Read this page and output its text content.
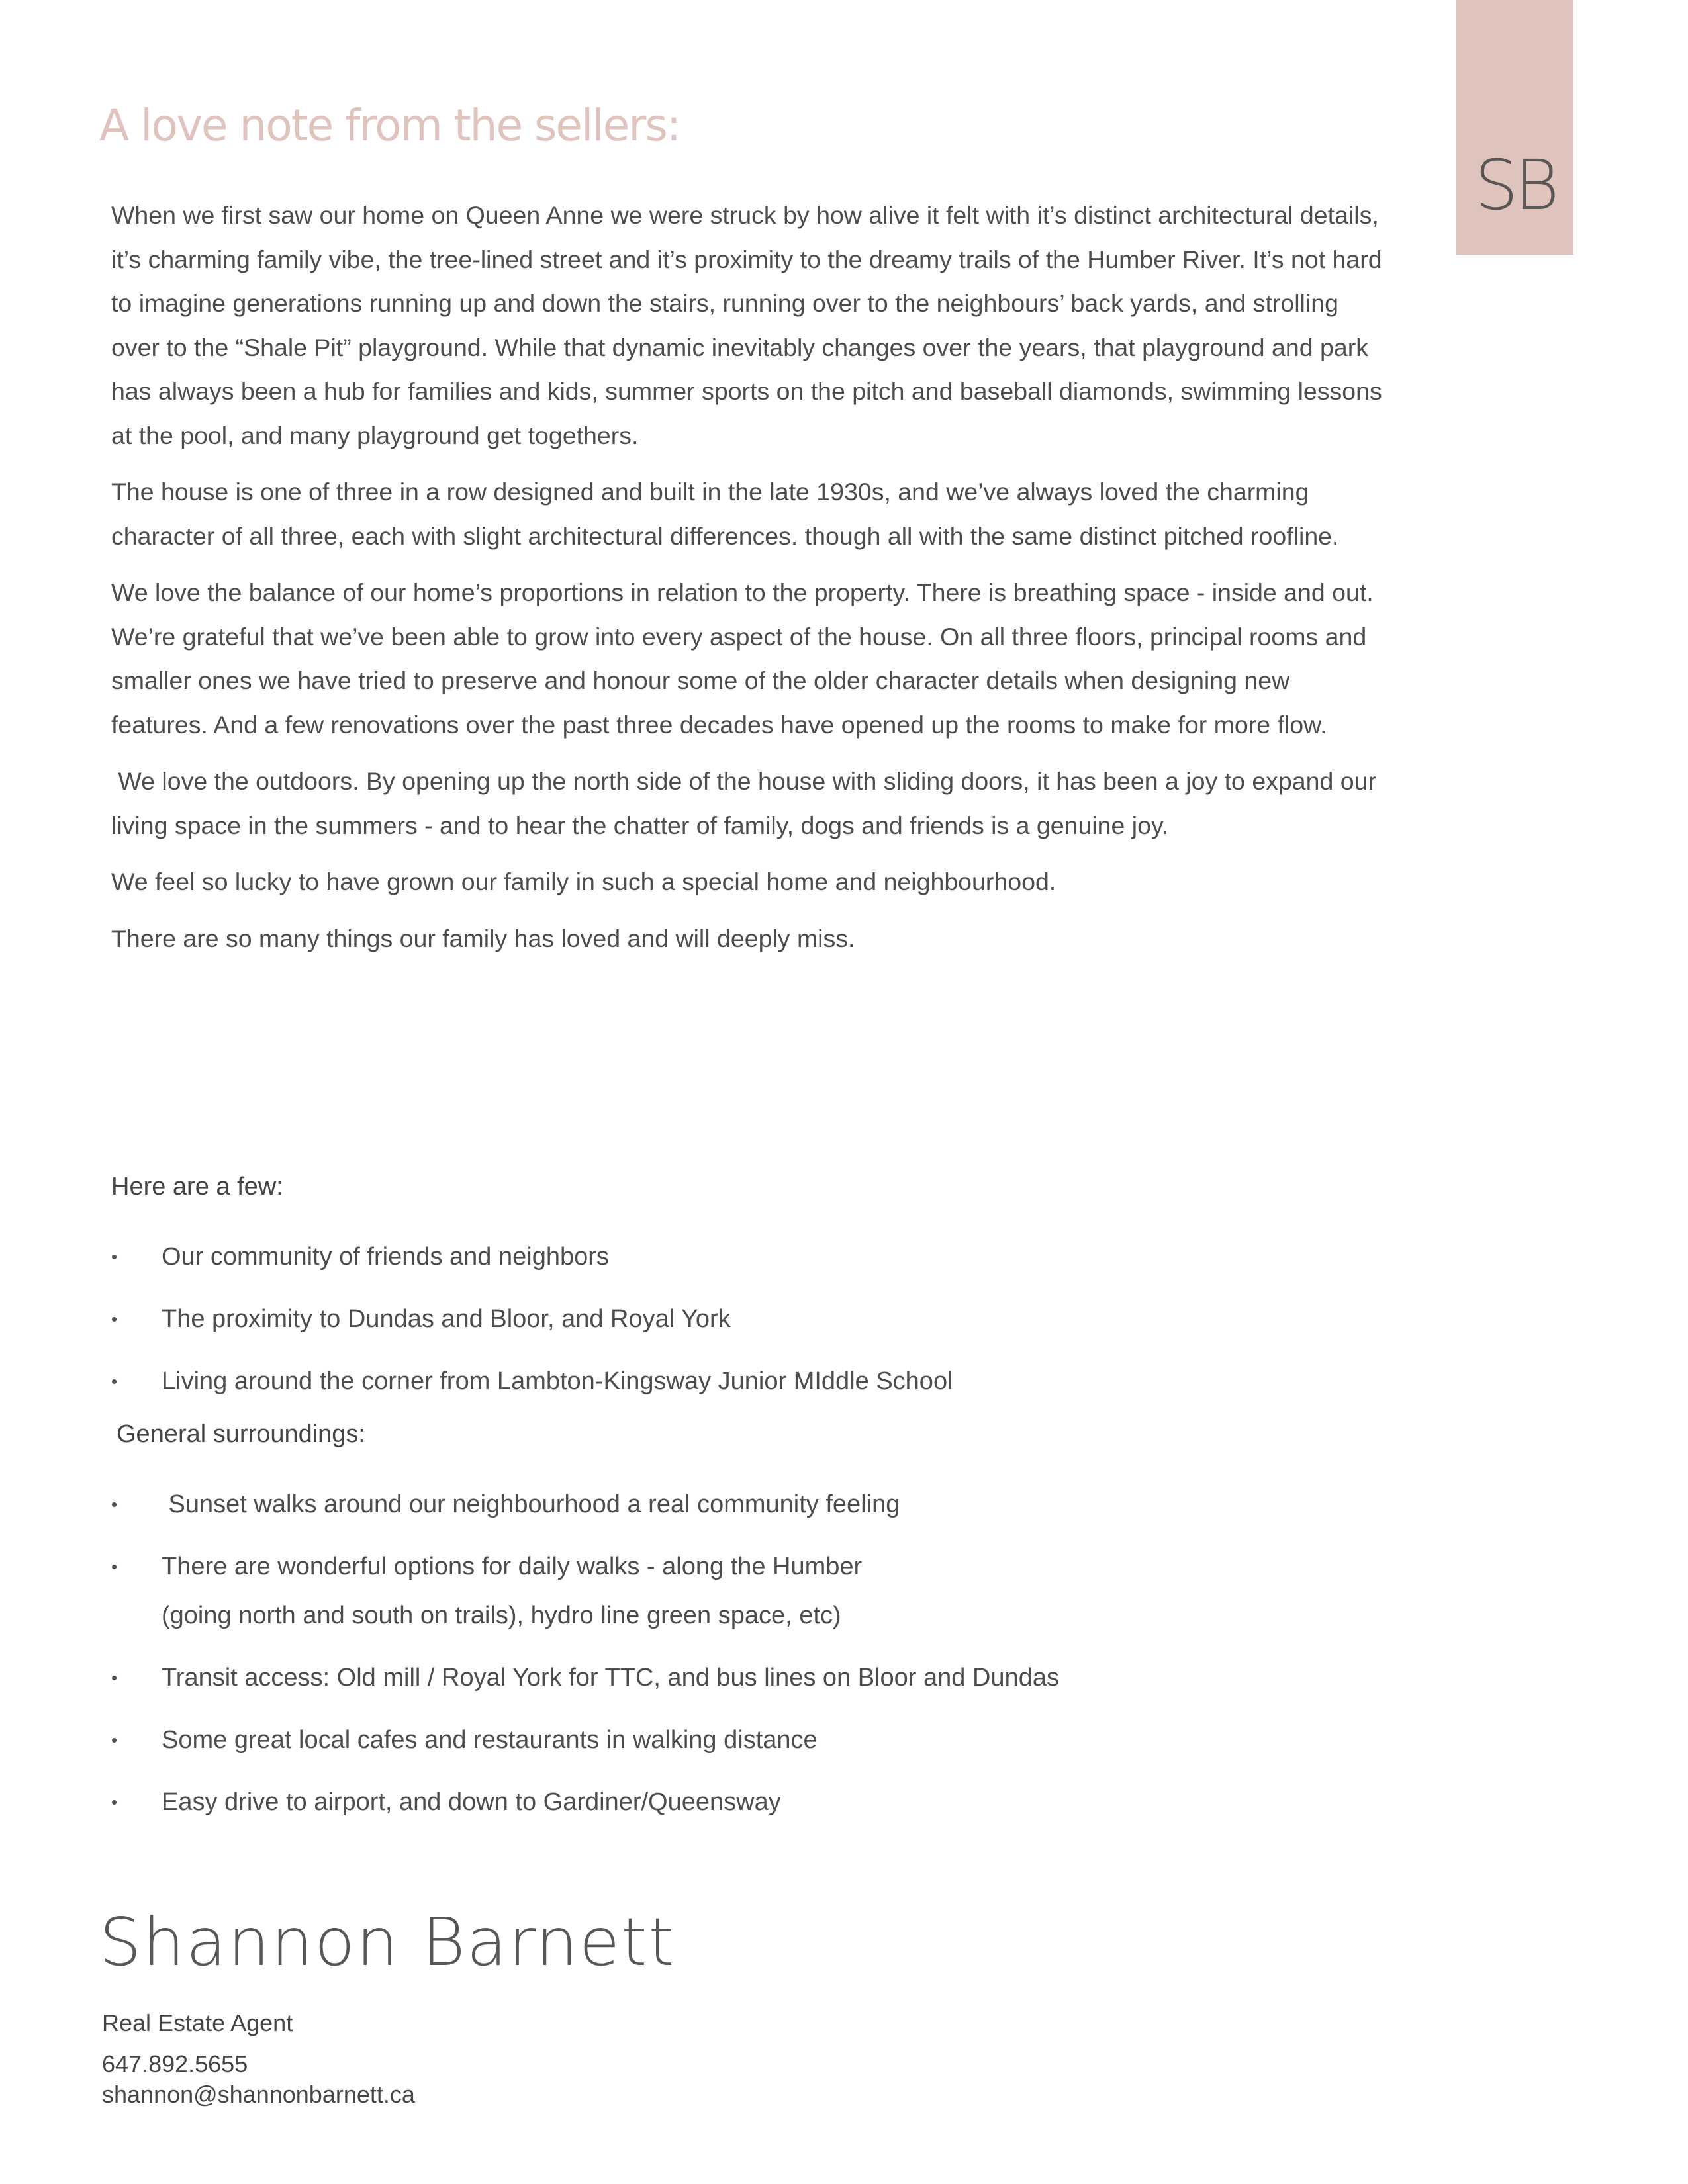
SB
A love note from the sellers:

When we first saw our home on Queen Anne we were struck by how alive it felt with it’s distinct architectural details, it’s charming family vibe, the tree-lined street and it’s proximity to the dreamy trails of the Humber River. It’s not hard to imagine generations running up and down the stairs, running over to the neighbours’ back yards, and strolling over to the “Shale Pit” playground. While that dynamic inevitably changes over the years, that playground and park has always been a hub for families and kids, summer sports on the pitch and baseball diamonds, swimming lessons at the pool, and many playground get togethers.

The house is one of three in a row designed and built in the late 1930s, and we’ve always loved the charming character of all three, each with slight architectural differences. though all with the same distinct pitched roofline.

We love the balance of our home’s proportions in relation to the property. There is breathing space - inside and out. We’re grateful that we’ve been able to grow into every aspect of the house. On all three floors, principal rooms and smaller ones we have tried to preserve and honour some of the older character details when designing new features. And a few renovations over the past three decades have opened up the rooms to make for more flow.

We love the outdoors. By opening up the north side of the house with sliding doors, it has been a joy to expand our living space in the summers - and to hear the chatter of family, dogs and friends is a genuine joy.

We feel so lucky to have grown our family in such a special home and neighbourhood.

There are so many things our family has loved and will deeply miss.

Here are a few:
• Our community of friends and neighbors
• The proximity to Dundas and Bloor, and Royal York
• Living around the corner from Lambton-Kingsway Junior MIddle School
General surroundings:
• Sunset walks around our neighbourhood a real community feeling
• There are wonderful options for daily walks - along the Humber
(going north and south on trails), hydro line green space, etc)
• Transit access: Old mill / Royal York for TTC, and bus lines on Bloor and Dundas
• Some great local cafes and restaurants in walking distance
• Easy drive to airport, and down to Gardiner/Queensway
Shannon Barnett
Real Estate Agent
647.892.5655
shannon@shannonbarnett.ca
